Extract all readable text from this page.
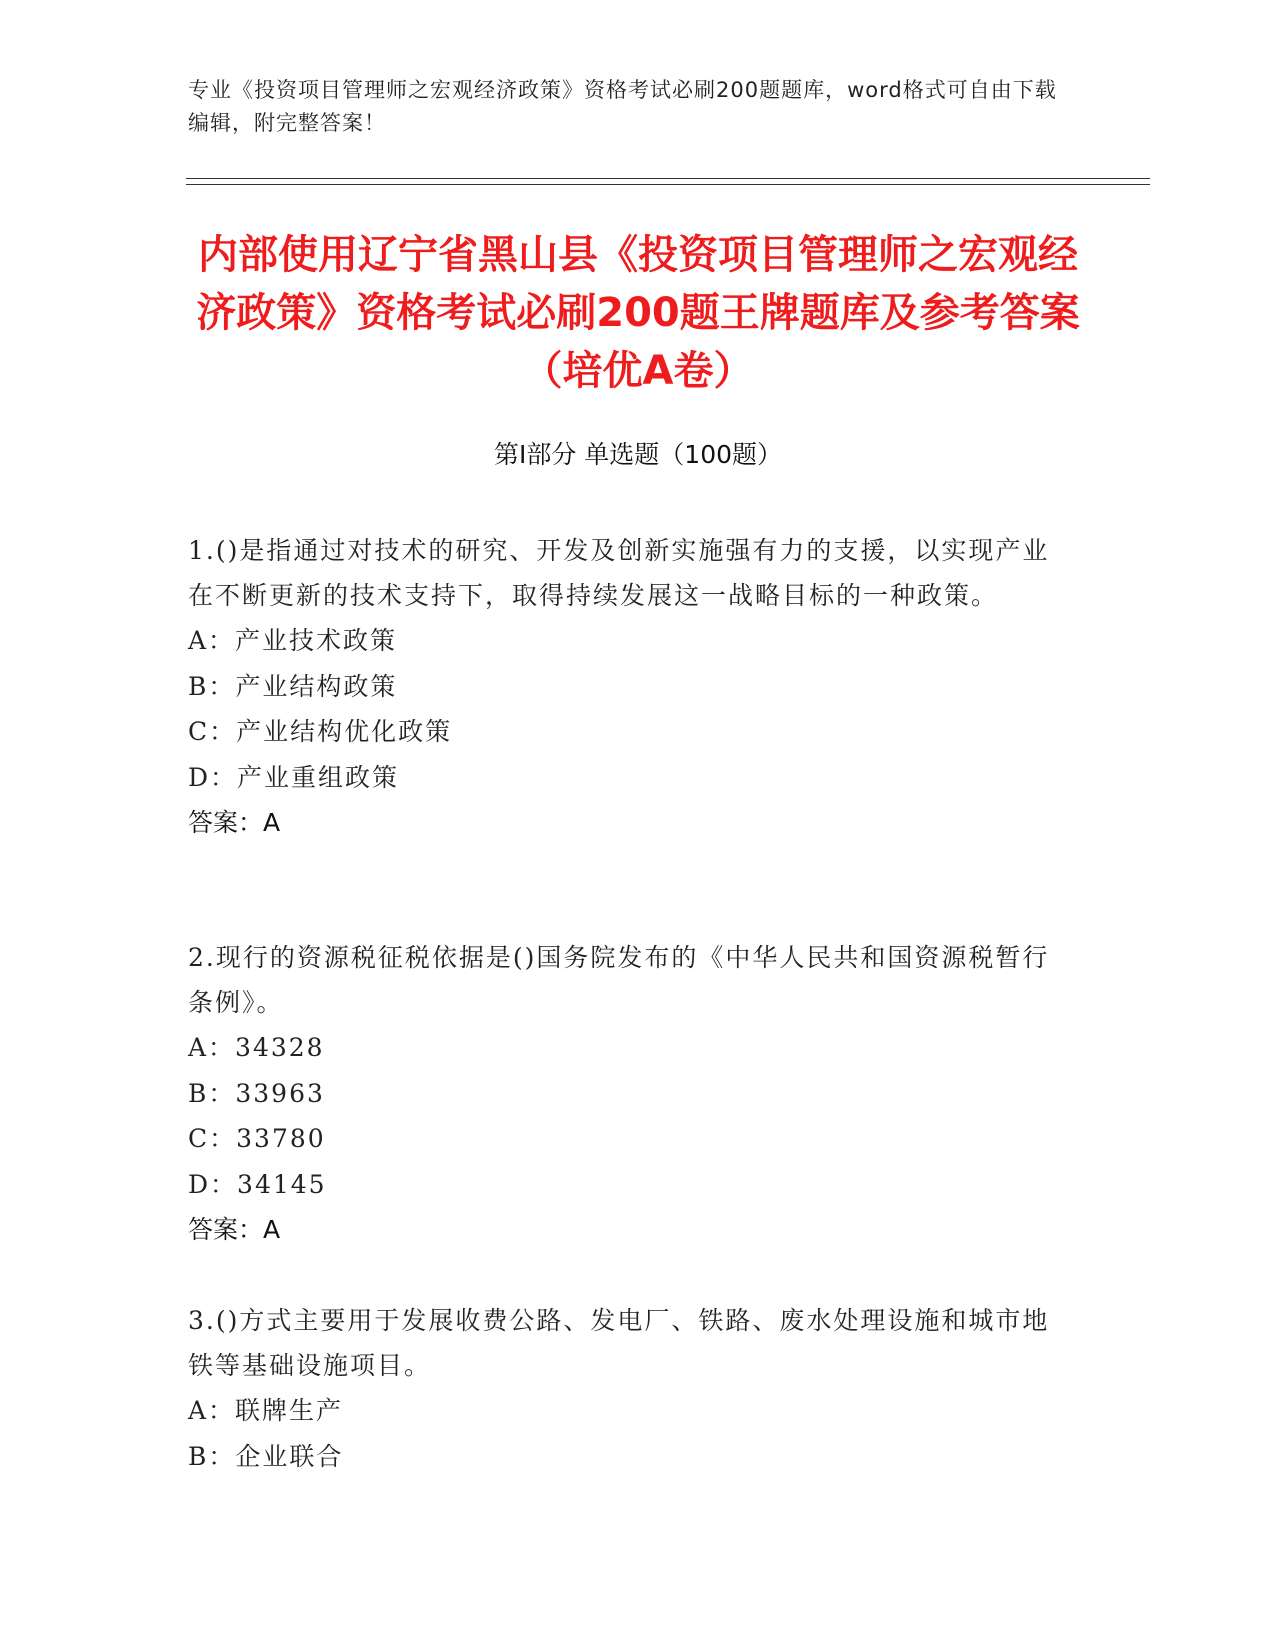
专业《投资项目管理师之宏观经济政策》资格考试必刷200题题库，word格式可自由下载编辑，附完整答案！
内部使用辽宁省黑山县《投资项目管理师之宏观经济政策》资格考试必刷200题王牌题库及参考答案（培优A卷）
第Ⅰ部分 单选题（100题）
1.()是指通过对技术的研究、开发及创新实施强有力的支援，以实现产业在不断更新的技术支持下，取得持续发展这一战略目标的一种政策。
A：产业技术政策
B：产业结构政策
C：产业结构优化政策
D：产业重组政策
答案：A
2.现行的资源税征税依据是()国务院发布的《中华人民共和国资源税暂行条例》。
A：34328
B：33963
C：33780
D：34145
答案：A
3.()方式主要用于发展收费公路、发电厂、铁路、废水处理设施和城市地铁等基础设施项目。
A：联牌生产
B：企业联合
